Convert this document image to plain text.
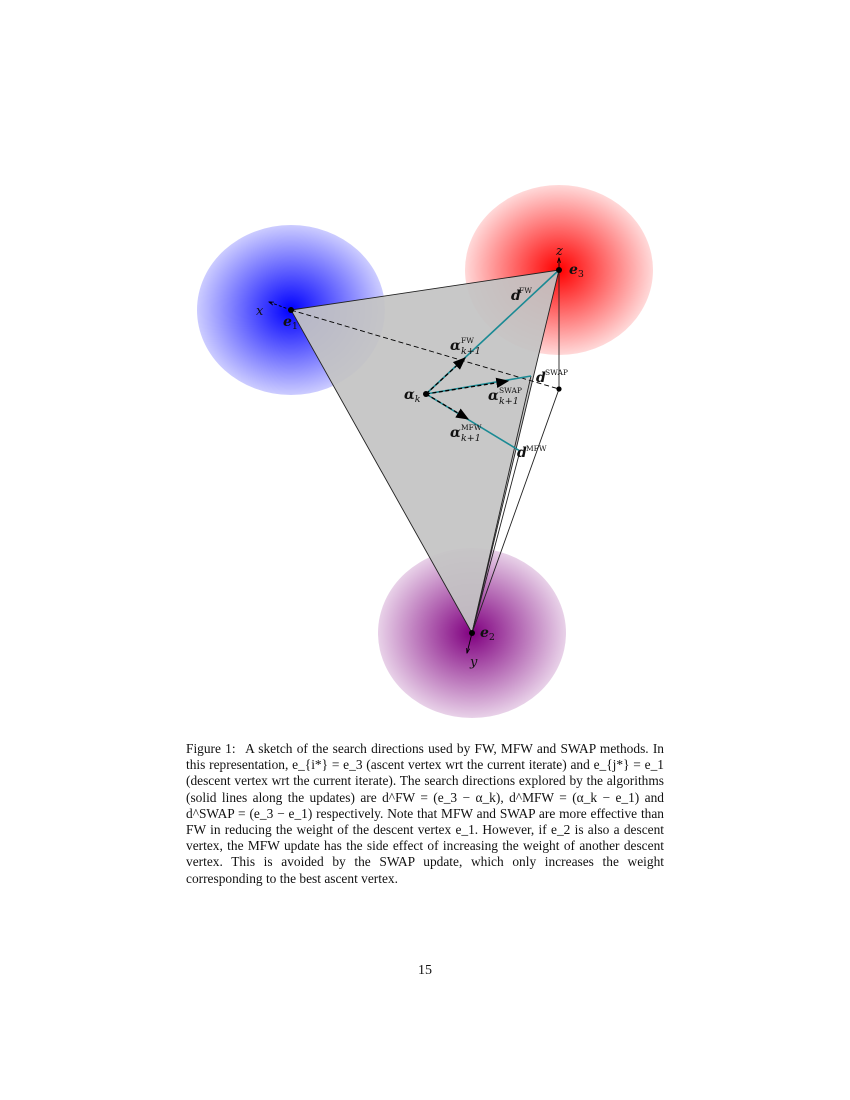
$e_1$
$e_3$
$e_2$
x
z
y
$\alpha_k$
α FW k+1
α SWAP k+1
α MFW k+1
d FW
d SWAP
d MFW
Figure 1: A sketch of the search directions used by FW, MFW and SWAP methods. In this representation, e_{i*} = e_3 (ascent vertex wrt the current iterate) and e_{j*} = e_1 (descent vertex wrt the current iterate). The search directions explored by the algorithms (solid lines along the updates) are d^FW = (e_3 − α_k), d^MFW = (α_k − e_1) and d^SWAP = (e_3 − e_1) respectively. Note that MFW and SWAP are more effective than FW in reducing the weight of the descent vertex e_1. However, if e_2 is also a descent vertex, the MFW update has the side effect of increasing the weight of another descent vertex. This is avoided by the SWAP update, which only increases the weight corresponding to the best ascent vertex.
15
